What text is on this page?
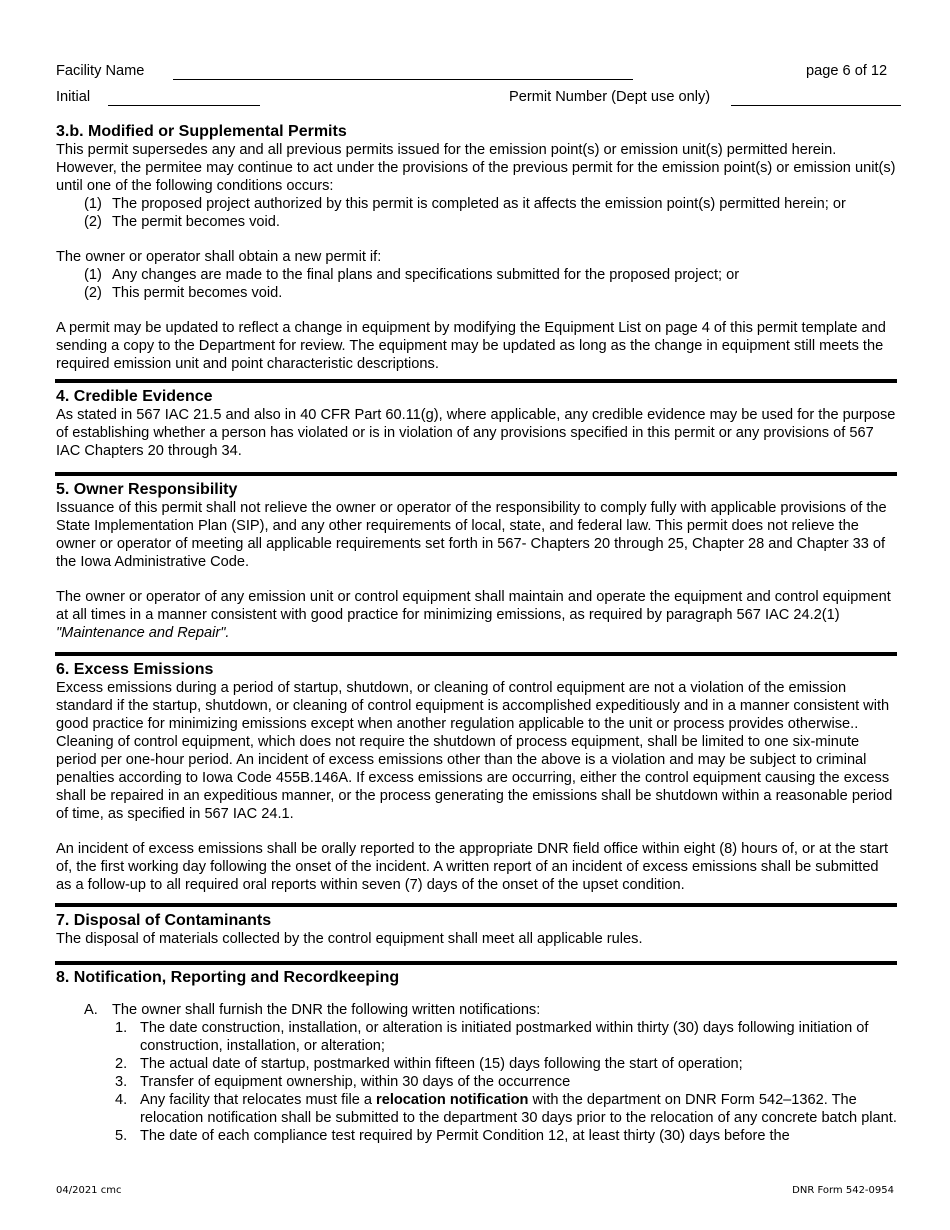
Facility Name	page 6 of 12
Initial	Permit Number (Dept use only)
3.b. Modified or Supplemental Permits

This permit supersedes any and all previous permits issued for the emission point(s) or emission unit(s) permitted herein. However, the permitee may continue to act under the provisions of the previous permit for the emission point(s) or emission unit(s) until one of the following conditions occurs:

(1) The proposed project authorized by this permit is completed as it affects the emission point(s) permitted herein; or
(2) The permit becomes void.

The owner or operator shall obtain a new permit if:

(1) Any changes are made to the final plans and specifications submitted for the proposed project; or
(2) This permit becomes void.

A permit may be updated to reflect a change in equipment by modifying the Equipment List on page 4 of this permit template and sending a copy to the Department for review. The equipment may be updated as long as the change in equipment still meets the required emission unit and point characteristic descriptions.

4. Credible Evidence

As stated in 567 IAC 21.5 and also in 40 CFR Part 60.11(g), where applicable, any credible evidence may be used for the purpose of establishing whether a person has violated or is in violation of any provisions specified in this permit or any provisions of 567 IAC Chapters 20 through 34.

5. Owner Responsibility

Issuance of this permit shall not relieve the owner or operator of the responsibility to comply fully with applicable provisions of the State Implementation Plan (SIP), and any other requirements of local, state, and federal law. This permit does not relieve the owner or operator of meeting all applicable requirements set forth in 567- Chapters 20 through 25, Chapter 28 and Chapter 33 of the Iowa Administrative Code.

The owner or operator of any emission unit or control equipment shall maintain and operate the equipment and control equipment at all times in a manner consistent with good practice for minimizing emissions, as required by paragraph 567 IAC 24.2(1) "Maintenance and Repair".

6. Excess Emissions

Excess emissions during a period of startup, shutdown, or cleaning of control equipment are not a violation of the emission standard if the startup, shutdown, or cleaning of control equipment is accomplished expeditiously and in a manner consistent with good practice for minimizing emissions except when another regulation applicable to the unit or process provides otherwise.. Cleaning of control equipment, which does not require the shutdown of process equipment, shall be limited to one six-minute period per one-hour period. An incident of excess emissions other than the above is a violation and may be subject to criminal penalties according to Iowa Code 455B.146A. If excess emissions are occurring, either the control equipment causing the excess shall be repaired in an expeditious manner, or the process generating the emissions shall be shutdown within a reasonable period of time, as specified in 567 IAC 24.1.

An incident of excess emissions shall be orally reported to the appropriate DNR field office within eight (8) hours of, or at the start of, the first working day following the onset of the incident. A written report of an incident of excess emissions shall be submitted as a follow-up to all required oral reports within seven (7) days of the onset of the upset condition.

7. Disposal of Contaminants

The disposal of materials collected by the control equipment shall meet all applicable rules.

8. Notification, Reporting and Recordkeeping
A. The owner shall furnish the DNR the following written notifications:
1. The date construction, installation, or alteration is initiated postmarked within thirty (30) days following initiation of construction, installation, or alteration;
2. The actual date of startup, postmarked within fifteen (15) days following the start of operation;
3. Transfer of equipment ownership, within 30 days of the occurrence
4. Any facility that relocates must file a relocation notification with the department on DNR Form 542–1362. The relocation notification shall be submitted to the department 30 days prior to the relocation of any concrete batch plant.
5. The date of each compliance test required by Permit Condition 12, at least thirty (30) days before the
04/2021 cmc	DNR Form 542-0954
